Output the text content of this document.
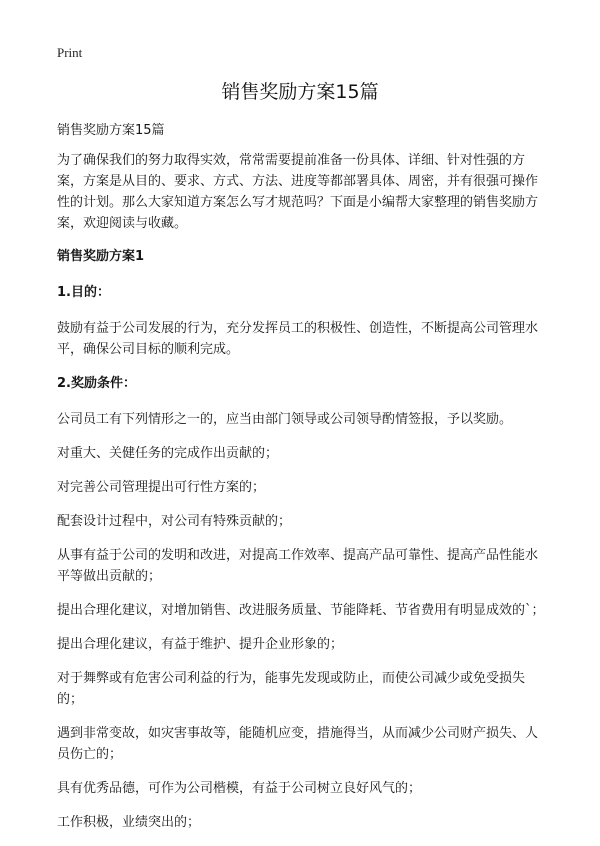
Print
销售奖励方案15篇

销售奖励方案15篇

为了确保我们的努力取得实效，常常需要提前准备一份具体、详细、针对性强的方案，方案是从目的、要求、方式、方法、进度等都部署具体、周密，并有很强可操作性的计划。那么大家知道方案怎么写才规范吗？下面是小编帮大家整理的销售奖励方案，欢迎阅读与收藏。

销售奖励方案1

1.目的：

鼓励有益于公司发展的行为，充分发挥员工的积极性、创造性，不断提高公司管理水平，确保公司目标的顺利完成。

2.奖励条件：

公司员工有下列情形之一的，应当由部门领导或公司领导酌情签报，予以奖励。

对重大、关健任务的完成作出贡献的；

对完善公司管理提出可行性方案的；

配套设计过程中，对公司有特殊贡献的；

从事有益于公司的发明和改进，对提高工作效率、提高产品可靠性、提高产品性能水平等做出贡献的；

提出合理化建议，对增加销售、改进服务质量、节能降耗、节省费用有明显成效的`；

提出合理化建议，有益于维护、提升企业形象的；

对于舞弊或有危害公司利益的行为，能事先发现或防止，而使公司减少或免受损失的；

遇到非常变故，如灾害事故等，能随机应变，措施得当，从而减少公司财产损失、人员伤亡的；

具有优秀品德，可作为公司楷模，有益于公司树立良好风气的；

工作积极，业绩突出的；
